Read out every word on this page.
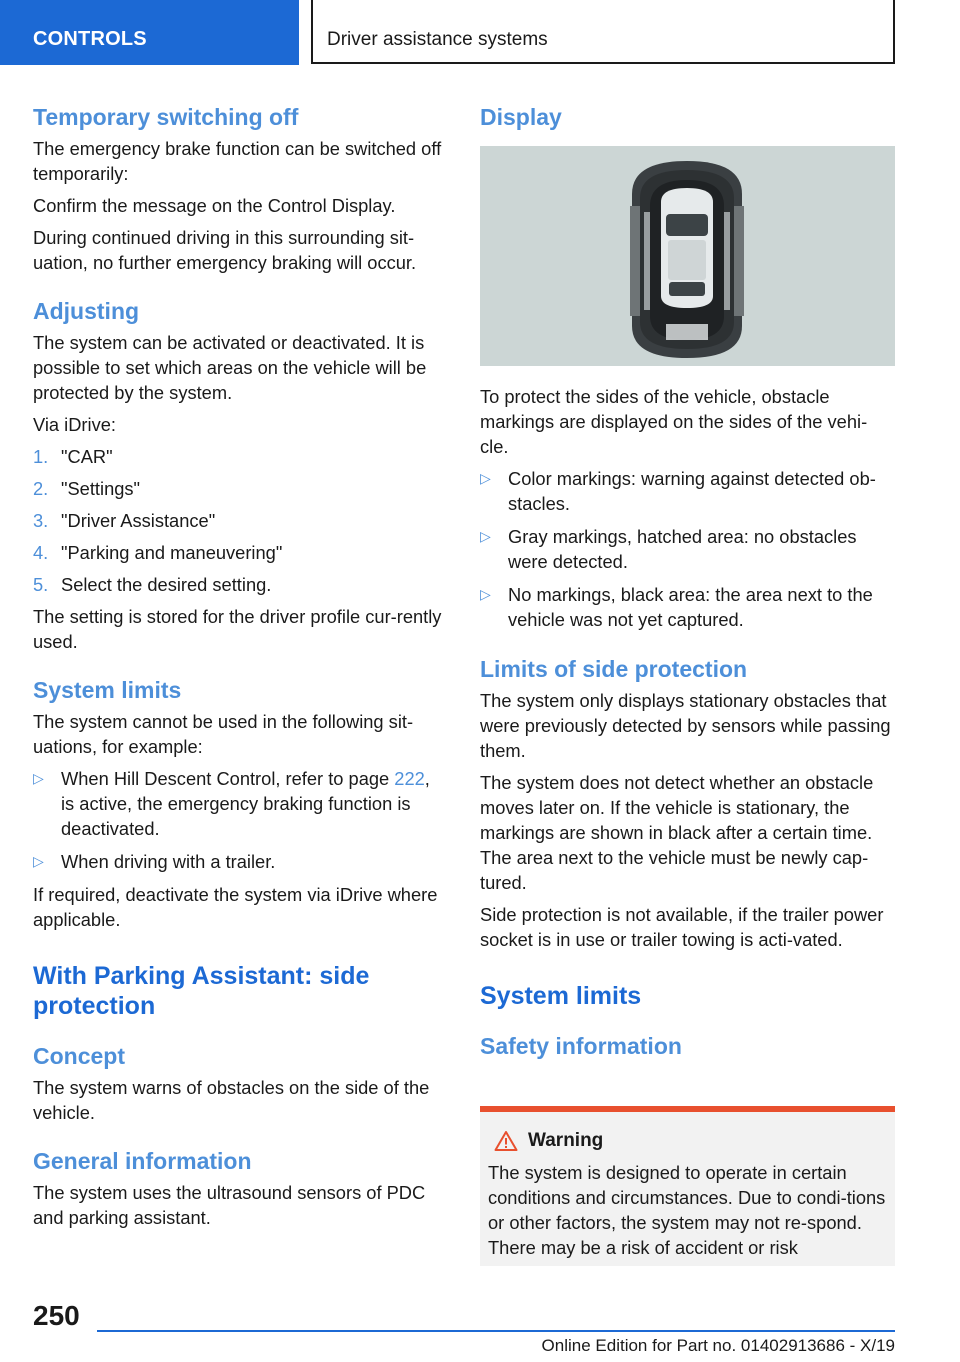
CONTROLS	Driver assistance systems
Temporary switching off

The emergency brake function can be switched off temporarily:

Confirm the message on the Control Display.

During continued driving in this surrounding sit‐uation, no further emergency braking will occur.

Adjusting

The system can be activated or deactivated. It is possible to set which areas on the vehicle will be protected by the system.

Via iDrive:

1. "CAR"
2. "Settings"
3. "Driver Assistance"
4. "Parking and maneuvering"
5. Select the desired setting.

The setting is stored for the driver profile cur‐rently used.

System limits

The system cannot be used in the following sit‐uations, for example:

▷ When Hill Descent Control, refer to page 222, is active, the emergency braking function is deactivated.
▷ When driving with a trailer.

If required, deactivate the system via iDrive where applicable.

With Parking Assistant: side protection
Concept

The system warns of obstacles on the side of the vehicle.

General information

The system uses the ultrasound sensors of PDC and parking assistant.

Display

To protect the sides of the vehicle, obstacle markings are displayed on the sides of the vehi‐cle.

▷ Color markings: warning against detected ob‐stacles.
▷ Gray markings, hatched area: no obstacles were detected.
▷ No markings, black area: the area next to the vehicle was not yet captured.
Limits of side protection

The system only displays stationary obstacles that were previously detected by sensors while passing them.

The system does not detect whether an obstacle moves later on. If the vehicle is stationary, the markings are shown in black after a certain time. The area next to the vehicle must be newly cap‐tured.

Side protection is not available, if the trailer power socket is in use or trailer towing is acti‐vated.

System limits
Safety information
Warning

The system is designed to operate in certain conditions and circumstances. Due to condi‐tions or other factors, the system may not re‐spond. There may be a risk of accident or risk

250
Online Edition for Part no. 01402913686 - X/19
